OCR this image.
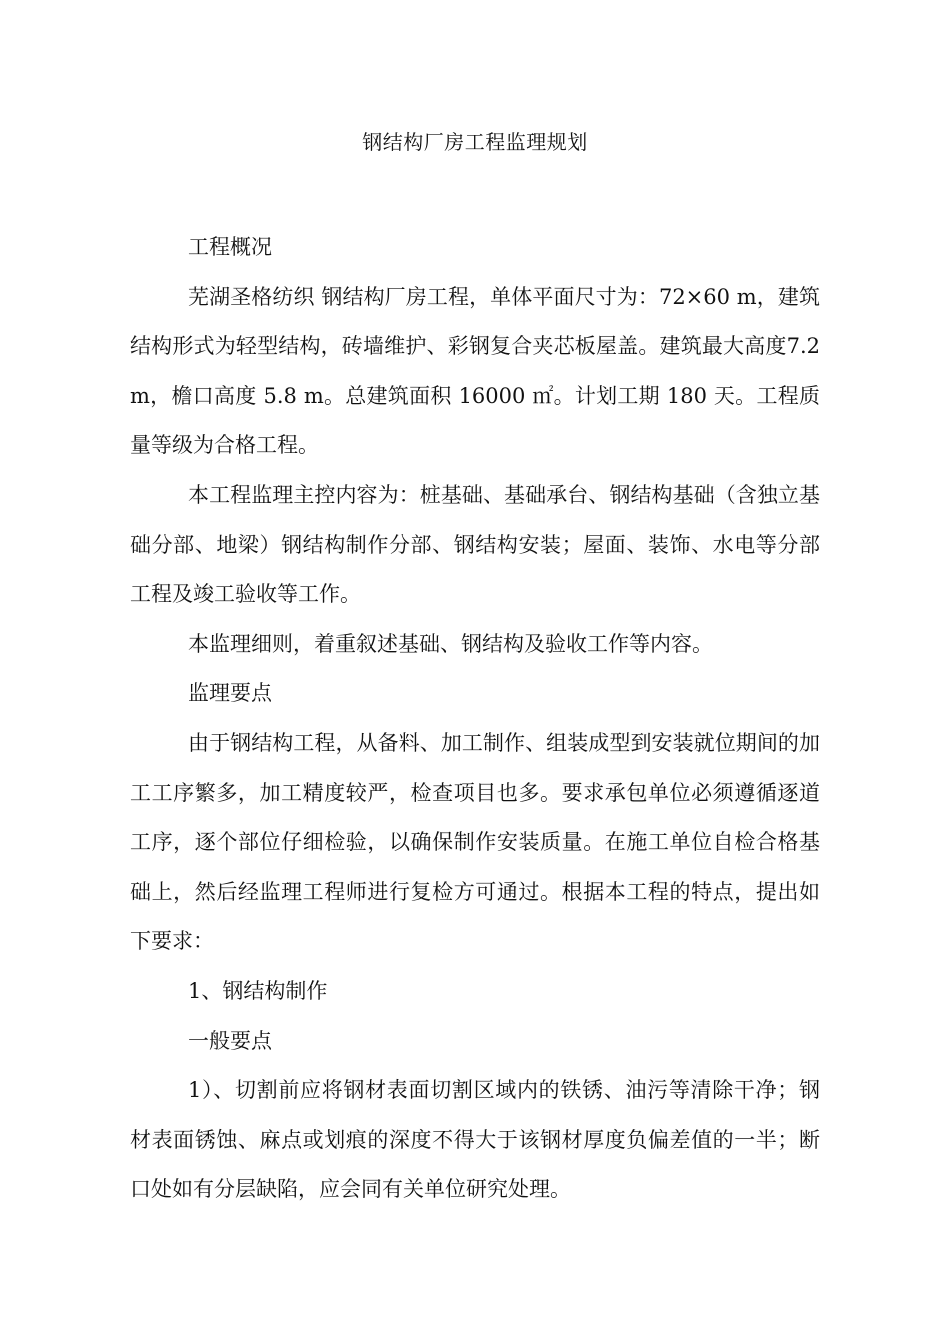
钢结构厂房工程监理规划

工程概况

芜湖圣格纺织 钢结构厂房工程，单体平面尺寸为：72×60 m，建筑结构形式为轻型结构，砖墙维护、彩钢复合夹芯板屋盖。建筑最大高度7.2 m，檐口高度 5.8 m。总建筑面积 16000 ㎡。计划工期 180 天。工程质量等级为合格工程。

本工程监理主控内容为：桩基础、基础承台、钢结构基础（含独立基础分部、地梁）钢结构制作分部、钢结构安装；屋面、装饰、水电等分部工程及竣工验收等工作。

本监理细则，着重叙述基础、钢结构及验收工作等内容。

监理要点

由于钢结构工程，从备料、加工制作、组装成型到安装就位期间的加工工序繁多，加工精度较严，检查项目也多。要求承包单位必须遵循逐道工序，逐个部位仔细检验，以确保制作安装质量。在施工单位自检合格基础上，然后经监理工程师进行复检方可通过。根据本工程的特点，提出如下要求：

1、钢结构制作

一般要点

1）、切割前应将钢材表面切割区域内的铁锈、油污等清除干净；钢材表面锈蚀、麻点或划痕的深度不得大于该钢材厚度负偏差值的一半；断口处如有分层缺陷，应会同有关单位研究处理。
